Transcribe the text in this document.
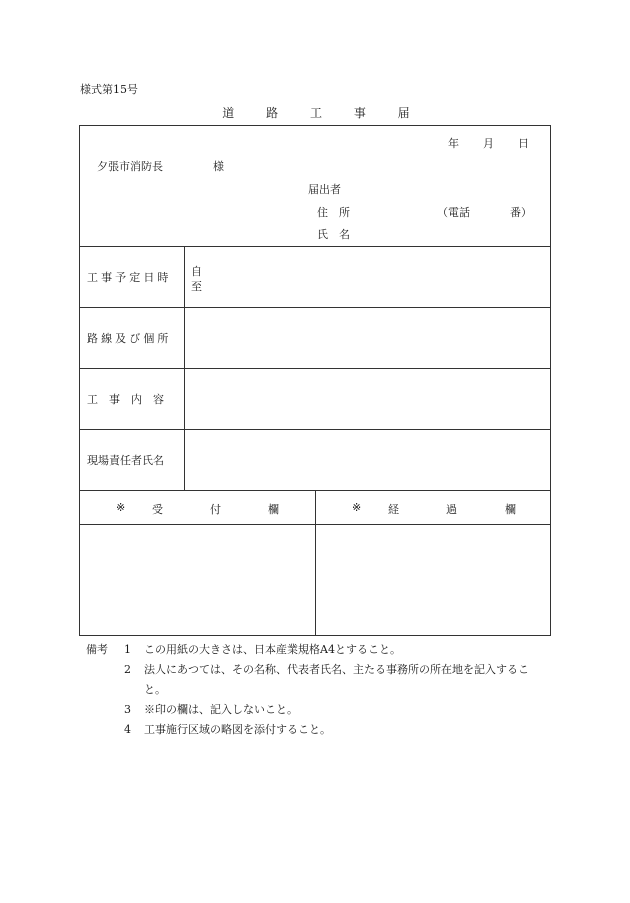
様式第15号
道	路	工	事	届
年 月 日
夕張市消防長	様
届出者
住　所	（電話	番）
氏　名
工事予定日時 自
至
路線及び個所
工　事　内　容
現場責任者氏名
※ 受	付	欄	※ 経	過	欄
備考 1 この用紙の大きさは、日本産業規格A4とすること。
2 法人にあつては、その名称、代表者氏名、主たる事務所の所在地を記入するこ
と。
3 ※印の欄は、記入しないこと。
4 工事施行区域の略図を添付すること。
